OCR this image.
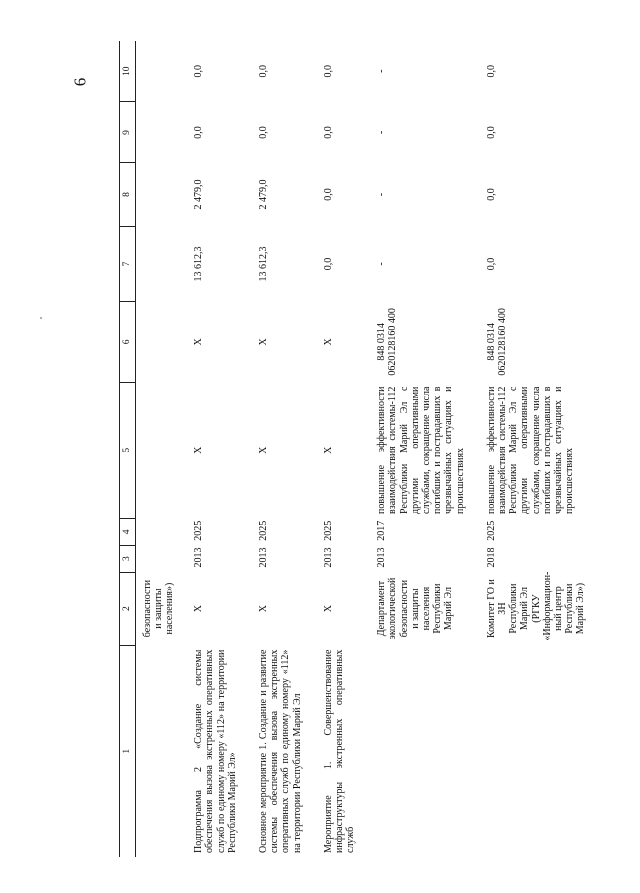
6
1	2	3	4	5	6	7	8	9	10
	безопасности и защиты населения»)								
Подпрограмма 2 «Создание системы обеспечения вызова экстренных оперативных служб по единому номеру «112» на территории Республики Марий Эл»	X	2013	2025	X	X	13 612,3	2 479,0	0,0	0,0
Основное мероприятие 1. Создание и развитие системы обеспечения вызова экстренных оперативных служб по единому номеру «112» на территории Республики Марий Эл	X	2013	2025	X	X	13 612,3	2 479,0	0,0	0,0
Мероприятие 1. Совершенствование инфраструктуры экстренных оперативных служб	X	2013	2025	X	X	0,0	0,0	0,0	0,0
	Департамент экологической безопасности и защиты населения Республики Марий Эл	2013	2017	повышение эффективности взаимодействия системы-112 Республики Марий Эл с другими оперативными службами, сокращение числа погибших и пострадавших в чрезвычайных ситуациях и происшествиях	848 0314 0620128160 400	-	-	-	-
	Комитет ГО и ЗН Республики Марий Эл (РГКУ «Информацион-ный центр Республики Марий Эл»)	2018	2025	повышение эффективности взаимодействия системы-112 Республики Марий Эл с другими оперативными службами, сокращение числа погибших и пострадавших в чрезвычайных ситуациях и происшествиях	848 0314 0620128160 400	0,0	0,0	0,0	0,0
